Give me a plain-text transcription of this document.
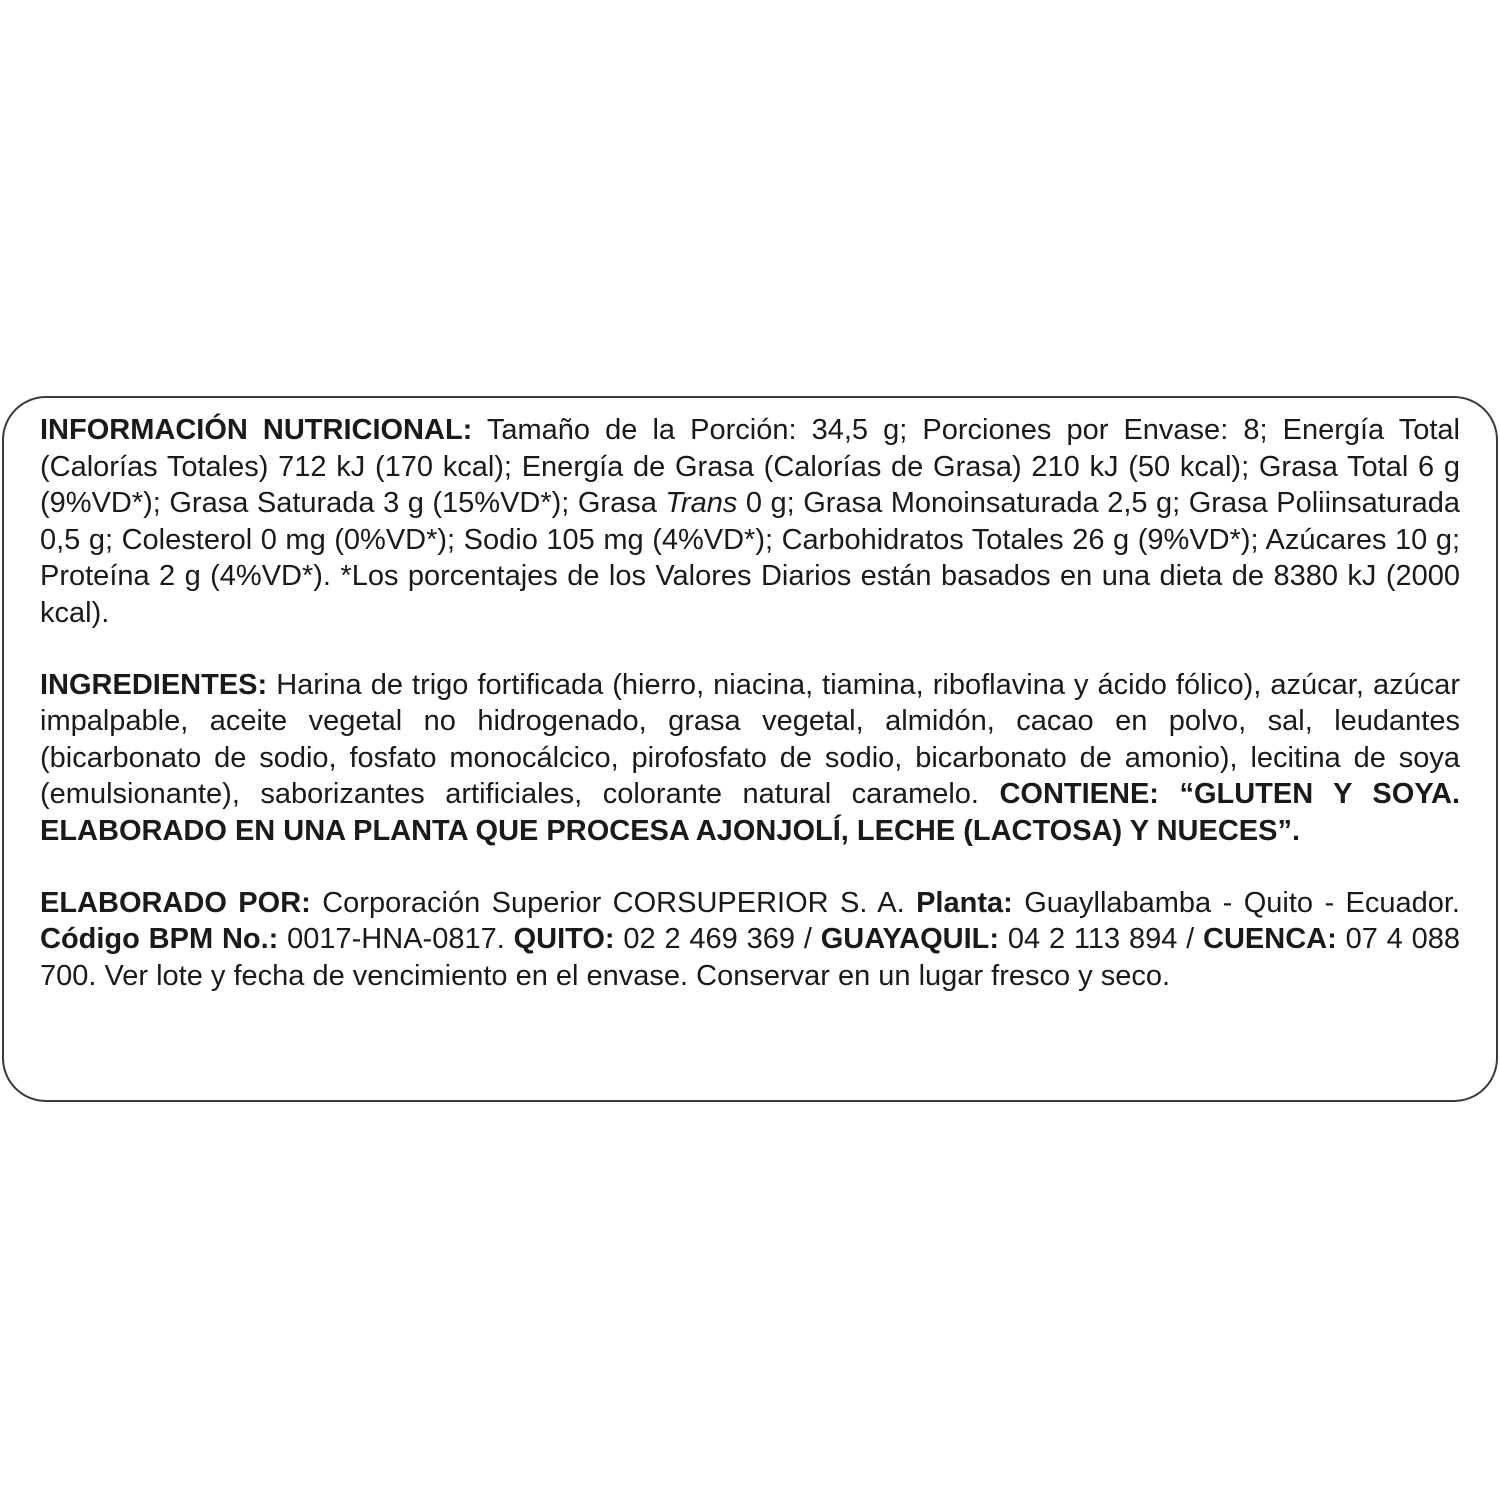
INFORMACIÓN NUTRICIONAL: Tamaño de la Porción: 34,5 g; Porciones por Envase: 8; Energía Total (Calorías Totales) 712 kJ (170 kcal); Energía de Grasa (Calorías de Grasa) 210 kJ (50 kcal); Grasa Total 6 g (9%VD*); Grasa Saturada 3 g (15%VD*); Grasa Trans 0 g; Grasa Monoinsaturada 2,5 g; Grasa Poliinsaturada 0,5 g; Colesterol 0 mg (0%VD*); Sodio 105 mg (4%VD*); Carbohidratos Totales 26 g (9%VD*); Azúcares 10 g; Proteína 2 g (4%VD*). *Los porcentajes de los Valores Diarios están basados en una dieta de 8380 kJ (2000 kcal).

INGREDIENTES: Harina de trigo fortificada (hierro, niacina, tiamina, riboflavina y ácido fólico), azúcar, azúcar impalpable, aceite vegetal no hidrogenado, grasa vegetal, almidón, cacao en polvo, sal, leudantes (bicarbonato de sodio, fosfato monocálcico, pirofosfato de sodio, bicarbonato de amonio), lecitina de soya (emulsionante), saborizantes artificiales, colorante natural caramelo. CONTIENE: “GLUTEN Y SOYA. ELABORADO EN UNA PLANTA QUE PROCESA AJONJOLÍ, LECHE (LACTOSA) Y NUECES”.

ELABORADO POR: Corporación Superior CORSUPERIOR S. A. Planta: Guayllabamba - Quito - Ecuador. Código BPM No.: 0017-HNA-0817. QUITO: 02 2 469 369 / GUAYAQUIL: 04 2 113 894 / CUENCA: 07 4 088 700. Ver lote y fecha de vencimiento en el envase. Conservar en un lugar fresco y seco.
